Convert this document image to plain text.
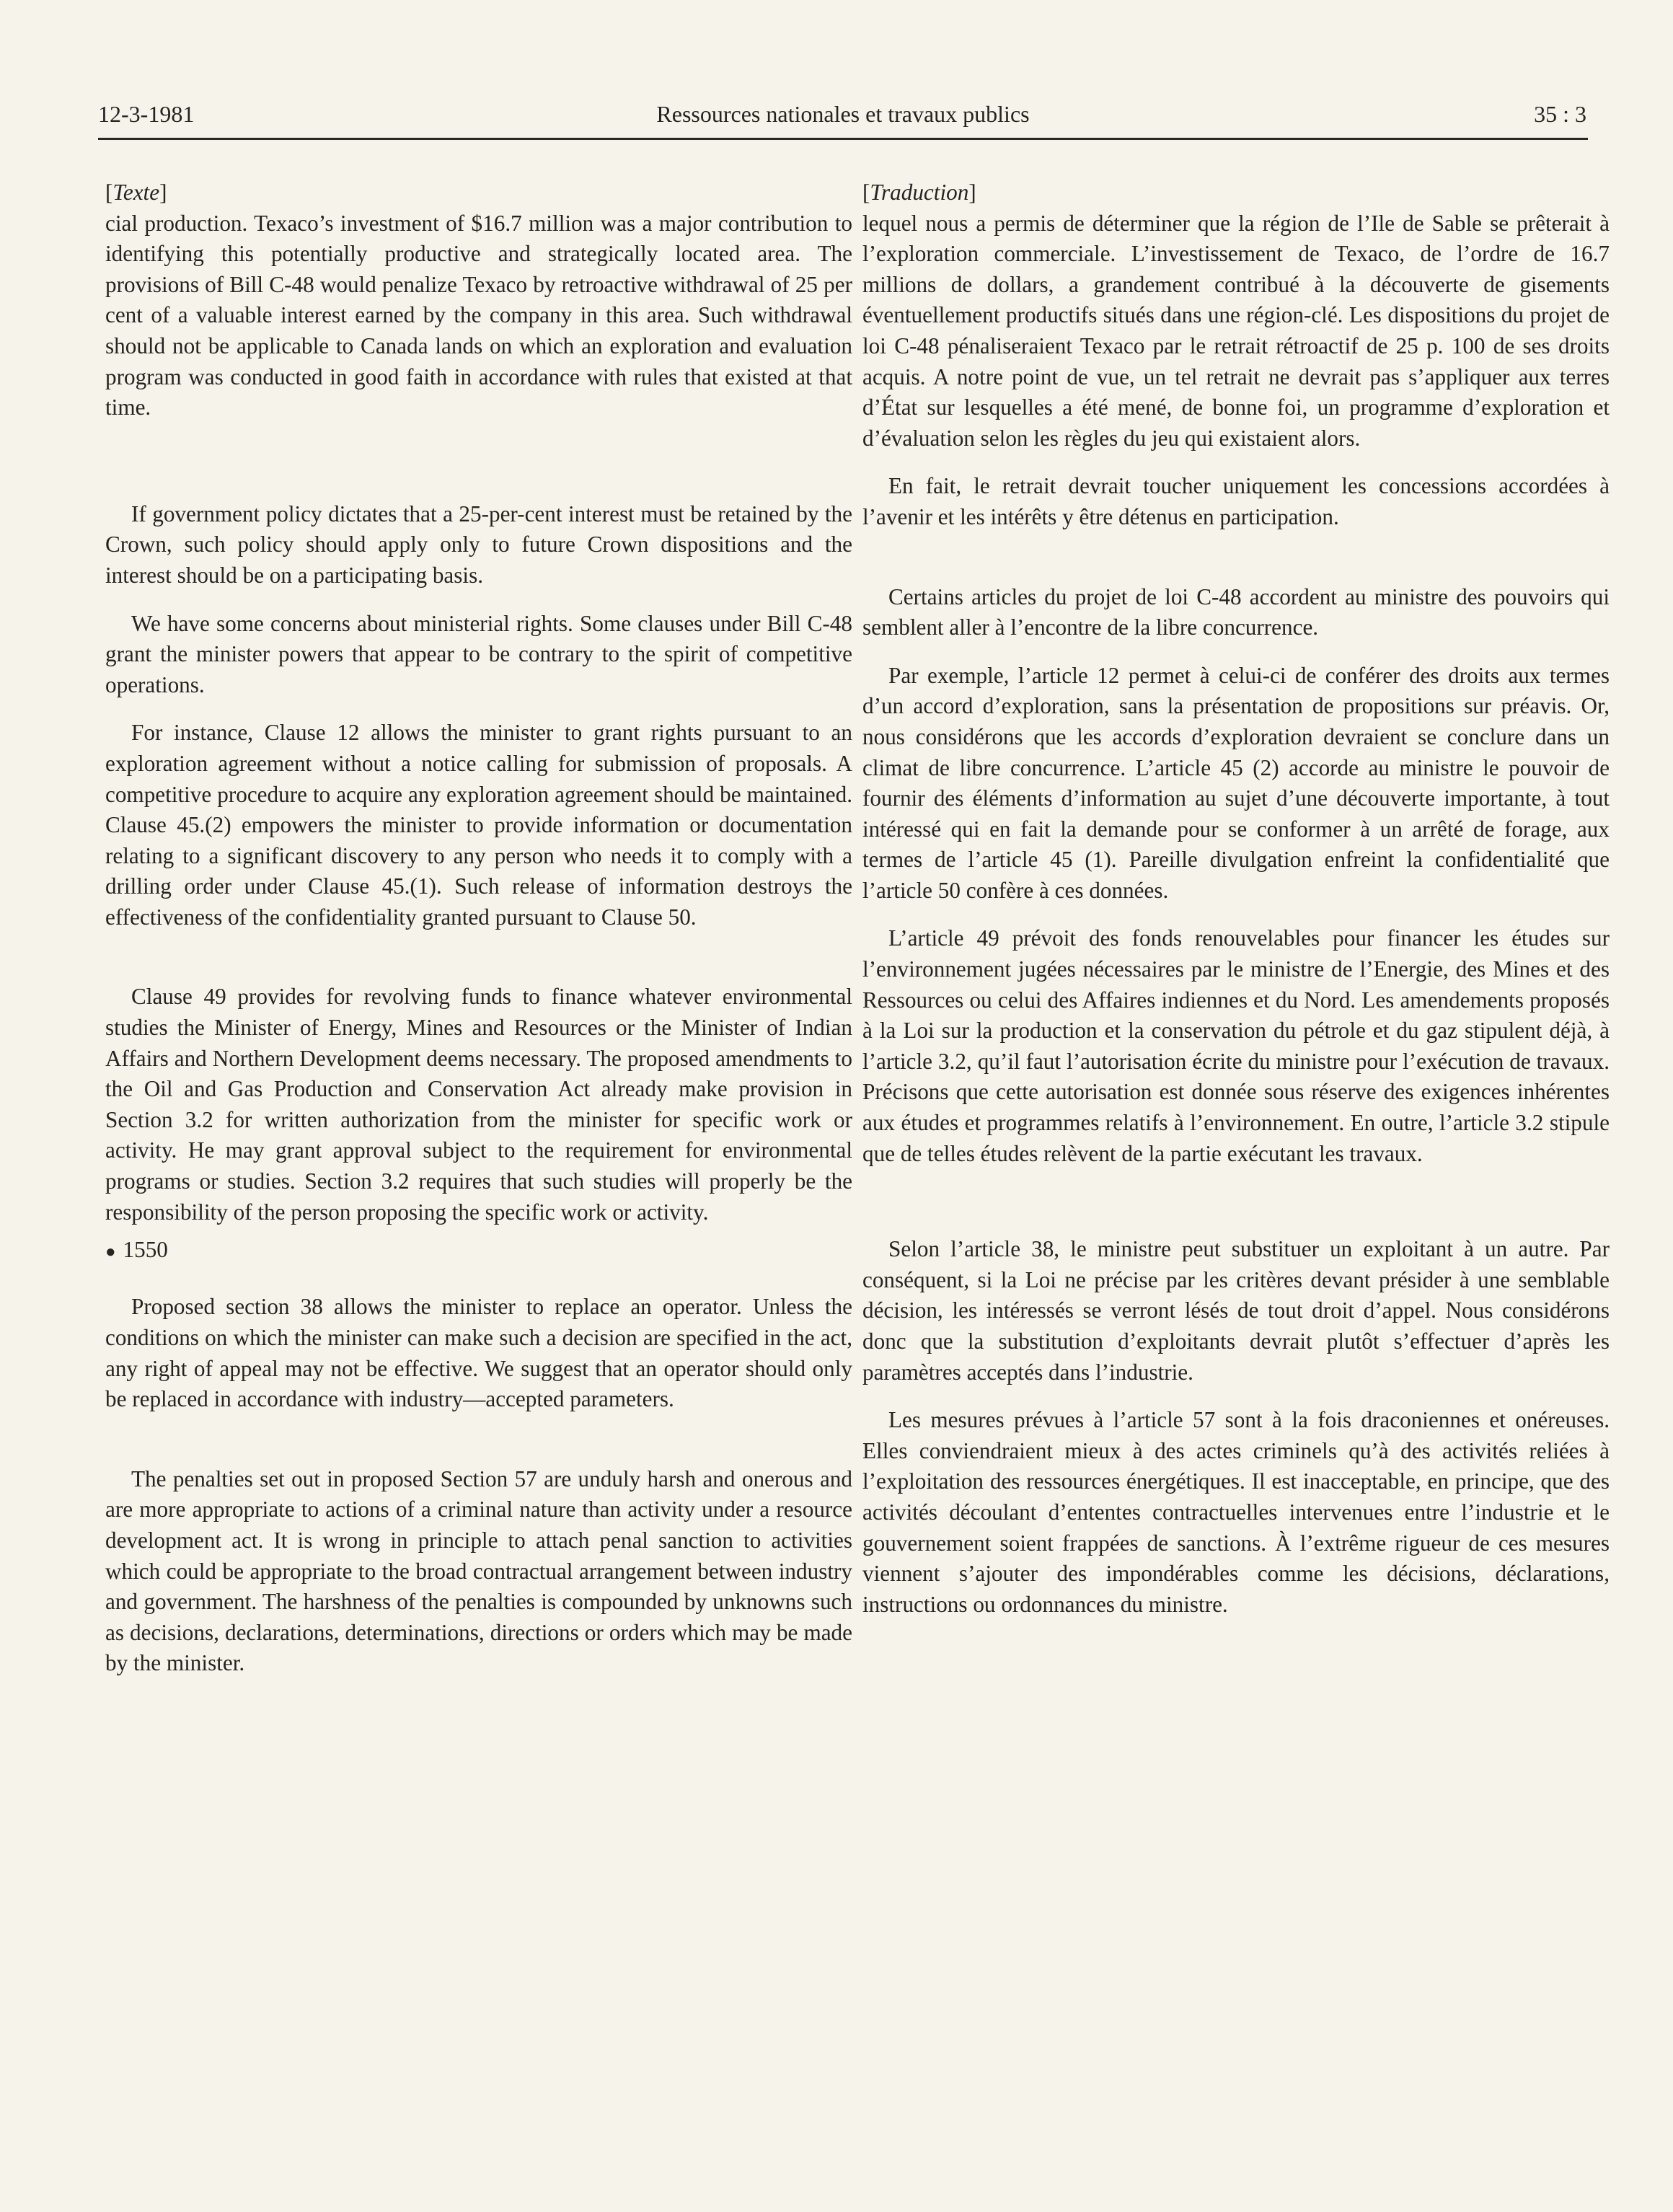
12-3-1981	Ressources nationales et travaux publics	35 : 3

[Texte]

cial production. Texaco’s investment of $16.7 million was a major contribution to identifying this potentially productive and strategically located area. The provisions of Bill C-48 would penalize Texaco by retroactive withdrawal of 25 per cent of a valuable interest earned by the company in this area. Such withdrawal should not be applicable to Canada lands on which an exploration and evaluation program was conducted in good faith in accordance with rules that existed at that time.

If government policy dictates that a 25-per-cent interest must be retained by the Crown, such policy should apply only to future Crown dispositions and the interest should be on a participating basis.

We have some concerns about ministerial rights. Some clauses under Bill C-48 grant the minister powers that appear to be contrary to the spirit of competitive operations.

For instance, Clause 12 allows the minister to grant rights pursuant to an exploration agreement without a notice calling for submission of proposals. A competitive procedure to acquire any exploration agreement should be maintained. Clause 45.(2) empowers the minister to provide information or documentation relating to a significant discovery to any person who needs it to comply with a drilling order under Clause 45.(1). Such release of information destroys the effectiveness of the confidentiality granted pursuant to Clause 50.

Clause 49 provides for revolving funds to finance whatever environmental studies the Minister of Energy, Mines and Resources or the Minister of Indian Affairs and Northern Development deems necessary. The proposed amendments to the Oil and Gas Production and Conservation Act already make provision in Section 3.2 for written authorization from the minister for specific work or activity. He may grant approval subject to the requirement for environmental programs or studies. Section 3.2 requires that such studies will properly be the responsibility of the person proposing the specific work or activity.

● 1550

Proposed section 38 allows the minister to replace an operator. Unless the conditions on which the minister can make such a decision are specified in the act, any right of appeal may not be effective. We suggest that an operator should only be replaced in accordance with industry—accepted parameters.

The penalties set out in proposed Section 57 are unduly harsh and onerous and are more appropriate to actions of a criminal nature than activity under a resource development act. It is wrong in principle to attach penal sanction to activities which could be appropriate to the broad contractual arrangement between industry and government. The harshness of the penalties is compounded by unknowns such as decisions, declarations, determinations, directions or orders which may be made by the minister.

[Traduction]

lequel nous a permis de déterminer que la région de l’Ile de Sable se prêterait à l’exploration commerciale. L’investissement de Texaco, de l’ordre de 16.7 millions de dollars, a grandement contribué à la découverte de gisements éventuellement productifs situés dans une région-clé. Les dispositions du projet de loi C-48 pénaliseraient Texaco par le retrait rétroactif de 25 p. 100 de ses droits acquis. A notre point de vue, un tel retrait ne devrait pas s’appliquer aux terres d’État sur lesquelles a été mené, de bonne foi, un programme d’exploration et d’évaluation selon les règles du jeu qui existaient alors.

En fait, le retrait devrait toucher uniquement les concessions accordées à l’avenir et les intérêts y être détenus en participation.

Certains articles du projet de loi C-48 accordent au ministre des pouvoirs qui semblent aller à l’encontre de la libre concurrence.

Par exemple, l’article 12 permet à celui-ci de conférer des droits aux termes d’un accord d’exploration, sans la présentation de propositions sur préavis. Or, nous considérons que les accords d’exploration devraient se conclure dans un climat de libre concurrence. L’article 45 (2) accorde au ministre le pouvoir de fournir des éléments d’information au sujet d’une découverte importante, à tout intéressé qui en fait la demande pour se conformer à un arrêté de forage, aux termes de l’article 45 (1). Pareille divulgation enfreint la confidentialité que l’article 50 confère à ces données.

L’article 49 prévoit des fonds renouvelables pour financer les études sur l’environnement jugées nécessaires par le ministre de l’Energie, des Mines et des Ressources ou celui des Affaires indiennes et du Nord. Les amendements proposés à la Loi sur la production et la conservation du pétrole et du gaz stipulent déjà, à l’article 3.2, qu’il faut l’autorisation écrite du ministre pour l’exécution de travaux. Précisons que cette autorisation est donnée sous réserve des exigences inhérentes aux études et programmes relatifs à l’environnement. En outre, l’article 3.2 stipule que de telles études relèvent de la partie exécutant les travaux.

Selon l’article 38, le ministre peut substituer un exploitant à un autre. Par conséquent, si la Loi ne précise par les critères devant présider à une semblable décision, les intéressés se verront lésés de tout droit d’appel. Nous considérons donc que la substitution d’exploitants devrait plutôt s’effectuer d’après les paramètres acceptés dans l’industrie.

Les mesures prévues à l’article 57 sont à la fois draconiennes et onéreuses. Elles conviendraient mieux à des actes criminels qu’à des activités reliées à l’exploitation des ressources énergétiques. Il est inacceptable, en principe, que des activités découlant d’ententes contractuelles intervenues entre l’industrie et le gouvernement soient frappées de sanctions. À l’extrême rigueur de ces mesures viennent s’ajouter des impondérables comme les décisions, déclarations, instructions ou ordonnances du ministre.
